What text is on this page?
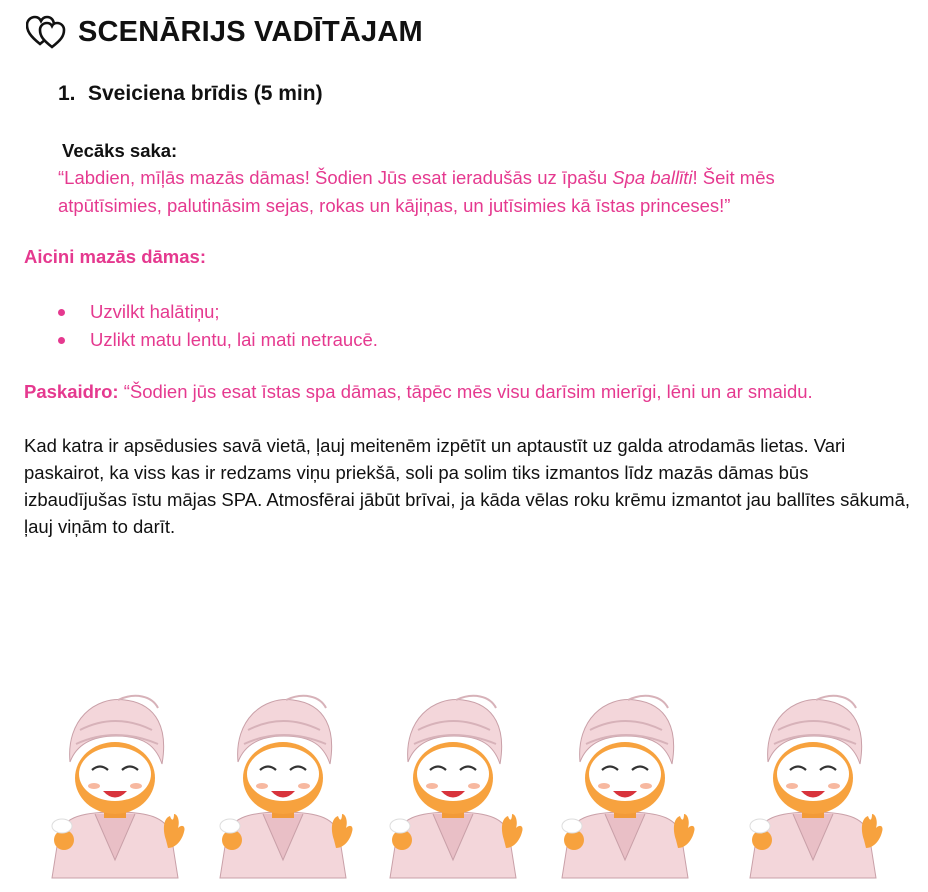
SCENĀRIJS VADĪTĀJAM
1. Sveiciena brīdis (5 min)
Vecāks saka:
“Labdien, mīļās mazās dāmas! Šodien Jūs esat ieradušās uz īpašu Spa ballīti! Šeit mēs atpūtīsimies, palutināsim sejas, rokas un kājiņas, un jutīsimies kā īstas princeses!”
Aicini mazās dāmas:
Uzvilkt halātiņu;
Uzlikt matu lentu, lai mati netraucē.
Paskaidro: “Šodien jūs esat īstas spa dāmas, tāpēc mēs visu darīsim mierīgi, lēni un ar smaidu.
Kad katra ir apsēdusies savā vietā, ļauj meitenēm izpētīt un aptaustīt uz galda atrodamās lietas. Vari paskairot, ka viss kas ir redzams viņu priekšā, soli pa solim tiks izmantos līdz mazās dāmas būs izbaudījušas īstu mājas SPA. Atmosfērai jābūt brīvai, ja kāda vēlas roku krēmu izmantot jau ballītes sākumā, ļauj viņām to darīt.
